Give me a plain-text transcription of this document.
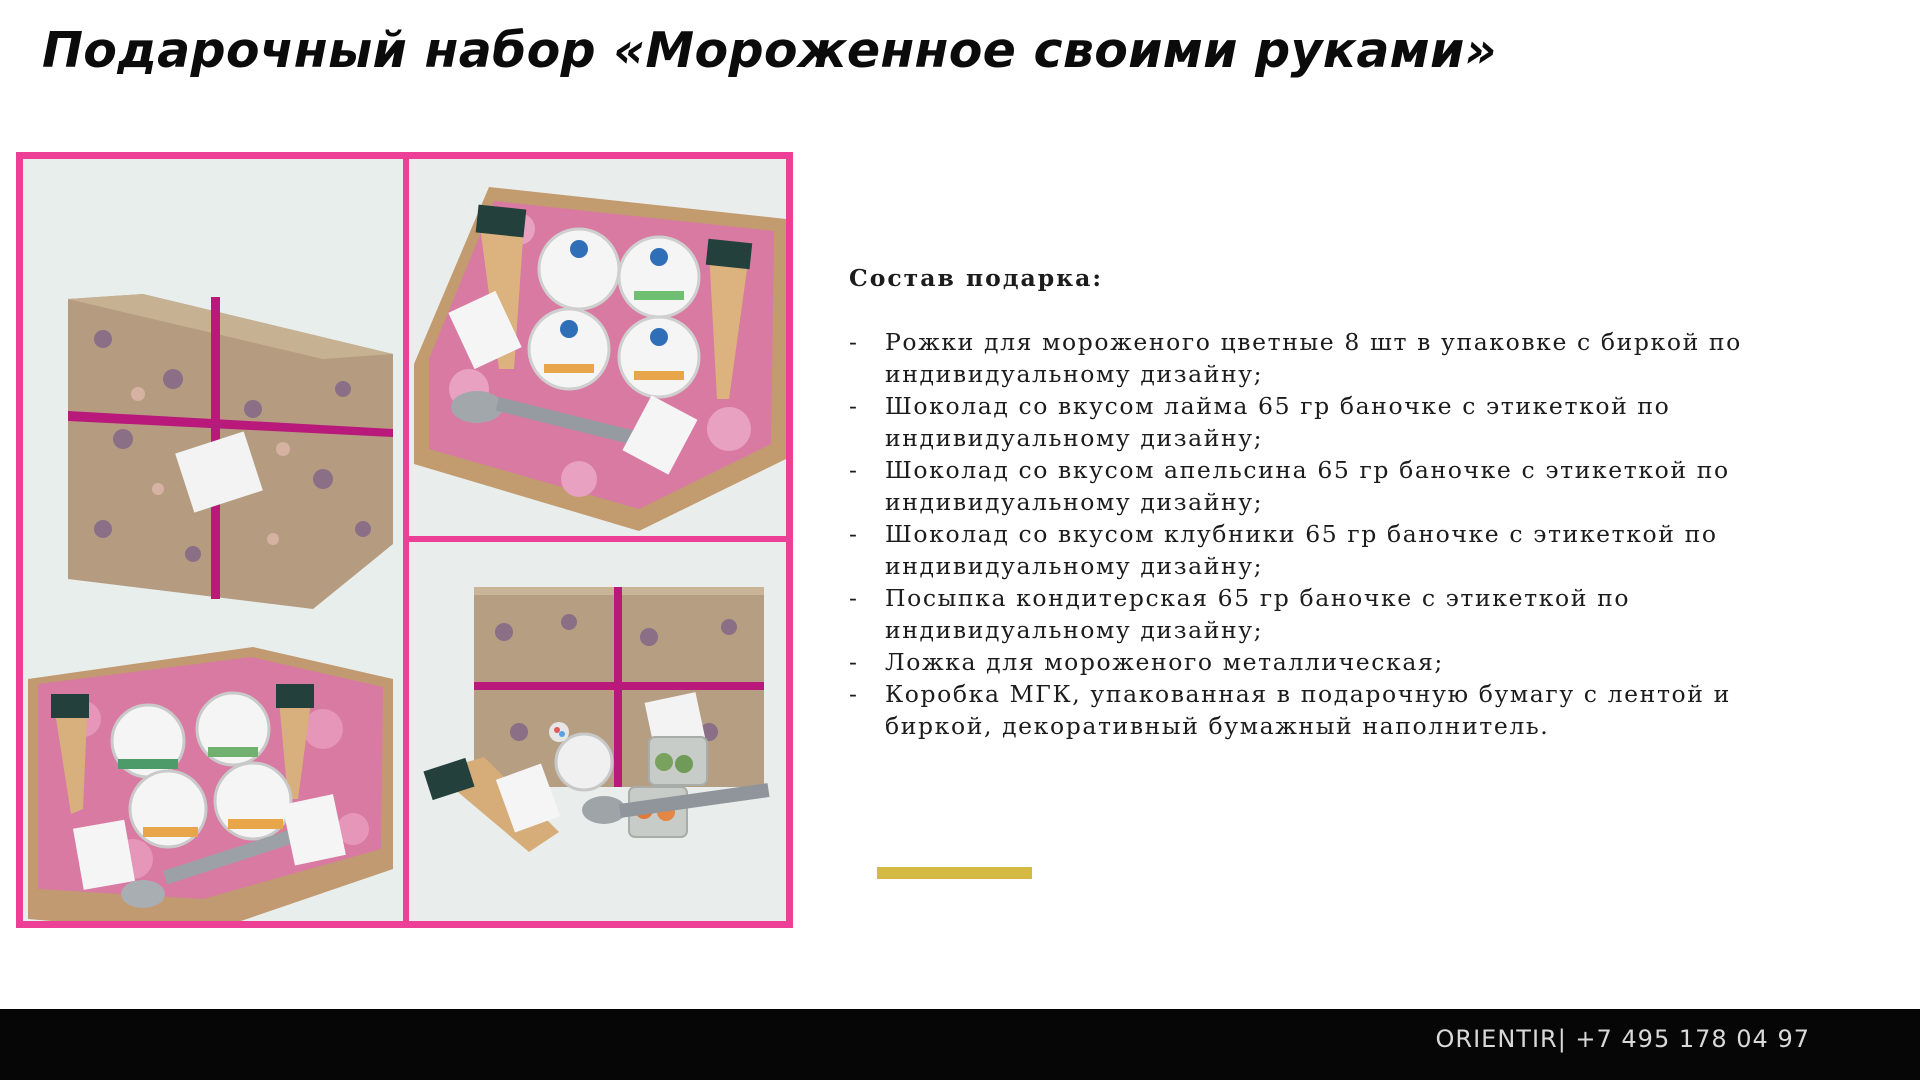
Подарочный набор «Мороженное своими руками»
Состав подарка:
- Рожки для мороженого цветные 8 шт в упаковке с биркой по индивидуальному дизайну;
- Шоколад со вкусом лайма 65 гр баночке с этикеткой по индивидуальному дизайну;
- Шоколад со вкусом апельсина 65 гр баночке с этикеткой по индивидуальному дизайну;
- Шоколад со вкусом клубники 65 гр баночке с этикеткой по индивидуальному дизайну;
- Посыпка кондитерская 65 гр баночке с этикеткой по индивидуальному дизайну;
- Ложка для мороженого металлическая;
- Коробка МГК, упакованная в подарочную бумагу с лентой и биркой, декоративный бумажный наполнитель.
ORIENTIR| +7 495 178 04 97
